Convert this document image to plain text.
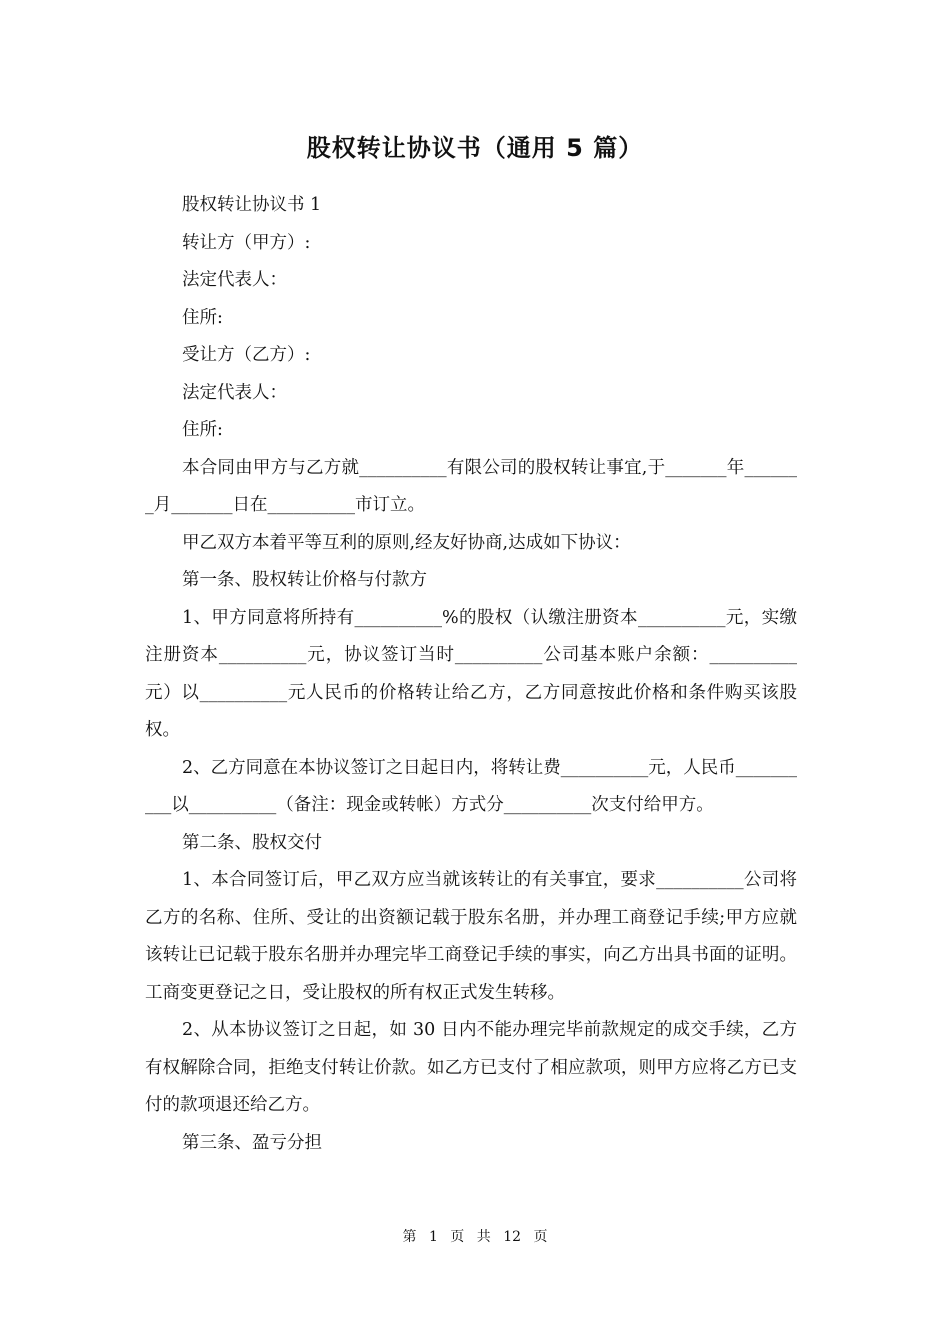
股权转让协议书（通用 5 篇）

股权转让协议书 1

转让方（甲方）:

法定代表人：

住所:

受让方（乙方）:

法定代表人：

住所:

本合同由甲方与乙方就__________有限公司的股权转让事宜,于_______年_______月_______日在__________市订立。

甲乙双方本着平等互利的原则,经友好协商,达成如下协议：

第一条、股权转让价格与付款方

1、甲方同意将所持有__________%的股权（认缴注册资本__________元，实缴注册资本__________元，协议签订当时__________公司基本账户余额：__________元）以__________元人民币的价格转让给乙方，乙方同意按此价格和条件购买该股权。

2、乙方同意在本协议签订之日起日内，将转让费__________元，人民币__________以__________（备注：现金或转帐）方式分__________次支付给甲方。

第二条、股权交付

1、本合同签订后，甲乙双方应当就该转让的有关事宜，要求__________公司将乙方的名称、住所、受让的出资额记载于股东名册，并办理工商登记手续;甲方应就该转让已记载于股东名册并办理完毕工商登记手续的事实，向乙方出具书面的证明。工商变更登记之日，受让股权的所有权正式发生转移。

2、从本协议签订之日起，如 30 日内不能办理完毕前款规定的成交手续，乙方有权解除合同，拒绝支付转让价款。如乙方已支付了相应款项，则甲方应将乙方已支付的款项退还给乙方。

第三条、盈亏分担

第 1 页 共 12 页
